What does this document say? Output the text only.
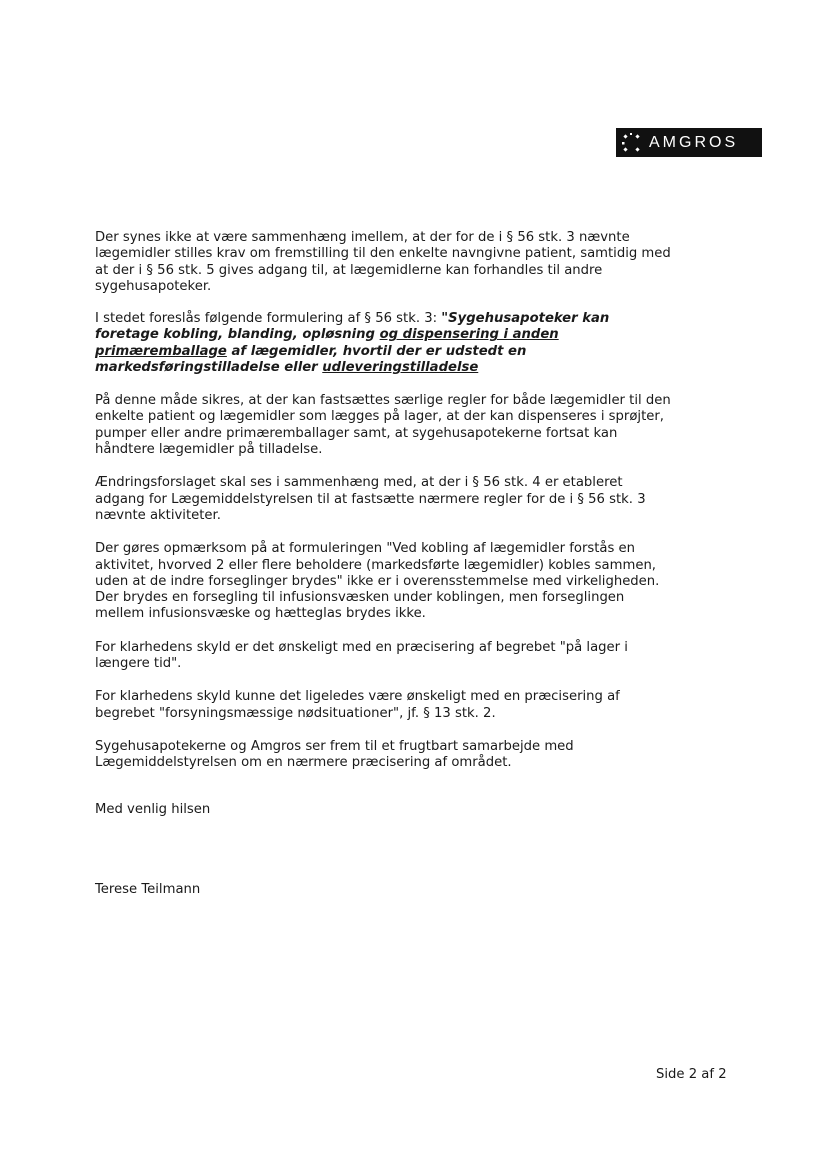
AMGROS

Der synes ikke at være sammenhæng imellem, at der for de i § 56 stk. 3 nævnte lægemidler stilles krav om fremstilling til den enkelte navngivne patient, samtidig med at der i § 56 stk. 5 gives adgang til, at lægemidlerne kan forhandles til andre sygehusapoteker.

I stedet foreslås følgende formulering af § 56 stk. 3: "Sygehusapoteker kan foretage kobling, blanding, opløsning og dispensering i anden primæremballage af lægemidler, hvortil der er udstedt en markedsføringstilladelse eller udleveringstilladelse

På denne måde sikres, at der kan fastsættes særlige regler for både lægemidler til den enkelte patient og lægemidler som lægges på lager, at der kan dispenseres i sprøjter, pumper eller andre primæremballager samt, at sygehusapotekerne fortsat kan håndtere lægemidler på tilladelse.

Ændringsforslaget skal ses i sammenhæng med, at der i § 56 stk. 4 er etableret adgang for Lægemiddelstyrelsen til at fastsætte nærmere regler for de i § 56 stk. 3 nævnte aktiviteter.

Der gøres opmærksom på at formuleringen "Ved kobling af lægemidler forstås en aktivitet, hvorved 2 eller flere beholdere (markedsførte lægemidler) kobles sammen, uden at de indre forseglinger brydes" ikke er i overensstemmelse med virkeligheden. Der brydes en forsegling til infusionsvæsken under koblingen, men forseglingen mellem infusionsvæske og hætteglas brydes ikke.

For klarhedens skyld er det ønskeligt med en præcisering af begrebet "på lager i længere tid".

For klarhedens skyld kunne det ligeledes være ønskeligt med en præcisering af begrebet "forsyningsmæssige nødsituationer", jf. § 13 stk. 2.

Sygehusapotekerne og Amgros ser frem til et frugtbart samarbejde med Lægemiddelstyrelsen om en nærmere præcisering af området.

Med venlig hilsen
Terese Teilmann
Side 2 af 2
